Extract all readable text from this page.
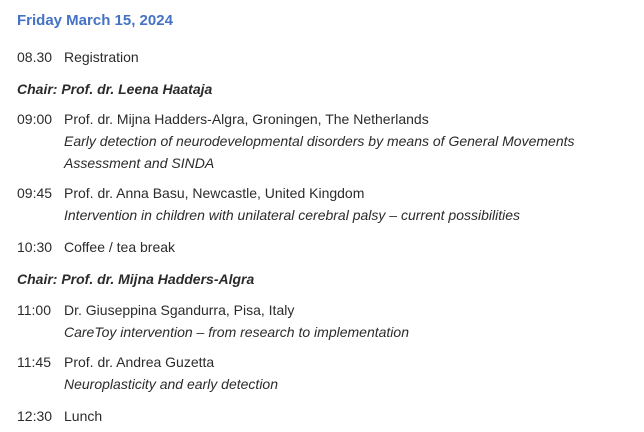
Friday March 15, 2024
08.30 Registration
Chair: Prof. dr. Leena Haataja
09:00 Prof. dr. Mijna Hadders-Algra, Groningen, The Netherlands
Early detection of neurodevelopmental disorders by means of General Movements Assessment and SINDA
09:45 Prof. dr. Anna Basu, Newcastle, United Kingdom
Intervention in children with unilateral cerebral palsy – current possibilities
10:30 Coffee / tea break
Chair: Prof. dr. Mijna Hadders-Algra
11:00 Dr. Giuseppina Sgandurra, Pisa, Italy
CareToy intervention – from research to implementation
11:45 Prof. dr. Andrea Guzetta
Neuroplasticity and early detection
12:30 Lunch
